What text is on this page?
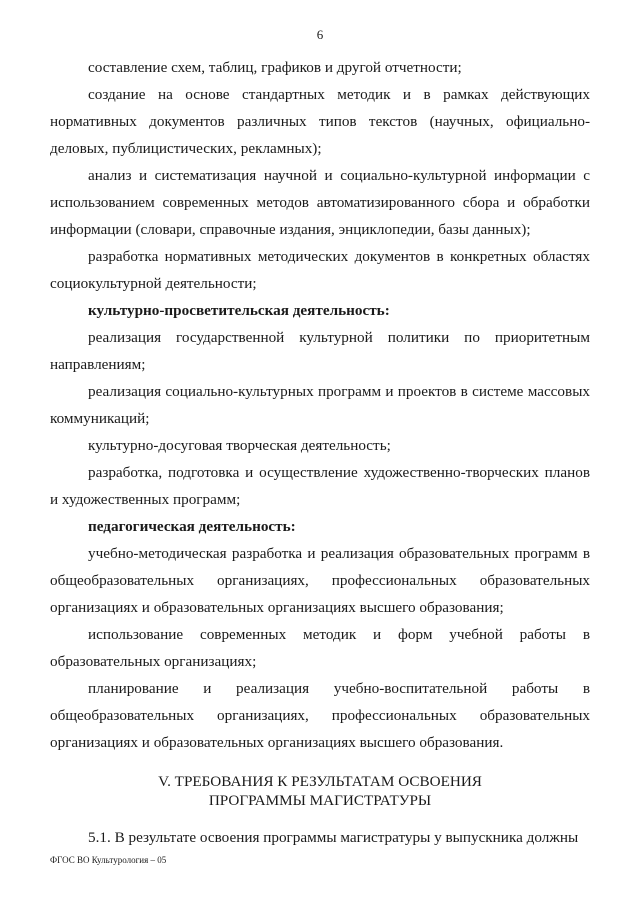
6

составление схем, таблиц, графиков и другой отчетности;

создание на основе стандартных методик и в рамках действующих нормативных документов различных типов текстов (научных, официально-деловых, публицистических, рекламных);

анализ и систематизация научной и социально-культурной информации с использованием современных методов автоматизированного сбора и обработки информации (словари, справочные издания, энциклопедии, базы данных);

разработка нормативных методических документов в конкретных областях социокультурной деятельности;

культурно-просветительская деятельность:

реализация государственной культурной политики по приоритетным направлениям;

реализация социально-культурных программ и проектов в системе массовых коммуникаций;

культурно-досуговая творческая деятельность;

разработка, подготовка и осуществление художественно-творческих планов и художественных программ;

педагогическая деятельность:

учебно-методическая разработка и реализация образовательных программ в общеобразовательных организациях, профессиональных образовательных организациях и образовательных организациях высшего образования;

использование современных методик и форм учебной работы в образовательных организациях;

планирование и реализация учебно-воспитательной работы в общеобразовательных организациях, профессиональных образовательных организациях и образовательных организациях высшего образования.

V. ТРЕБОВАНИЯ К РЕЗУЛЬТАТАМ ОСВОЕНИЯ
ПРОГРАММЫ МАГИСТРАТУРЫ

5.1. В результате освоения программы магистратуры у выпускника должны

ФГОС ВО Культурология – 05
